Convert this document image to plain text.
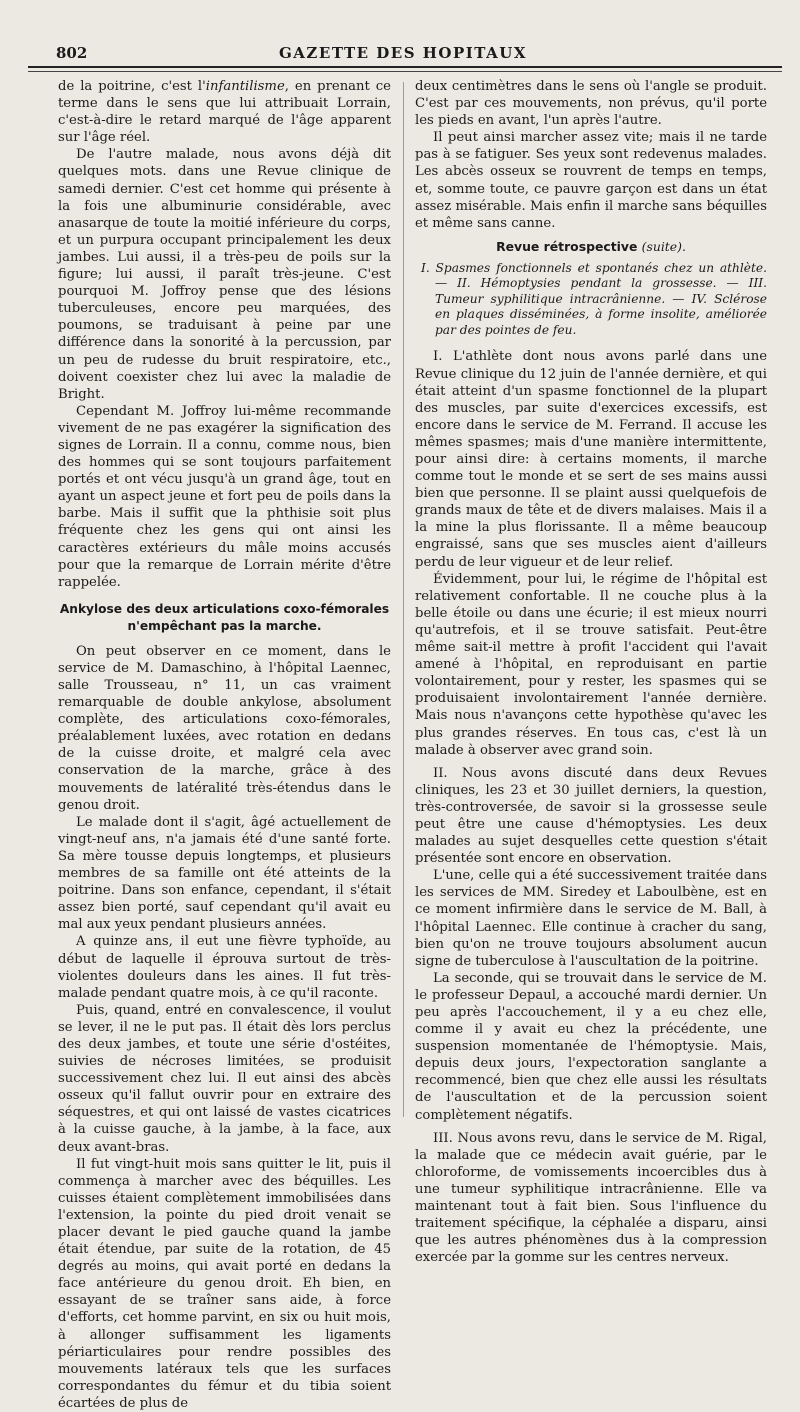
802	GAZETTE DES HOPITAUX

de la poitrine, c'est l'infantilisme, en prenant ce terme dans le sens que lui attribuait Lorrain, c'est-à-dire le retard marqué de l'âge apparent sur l'âge réel.

De l'autre malade, nous avons déjà dit quelques mots. dans une Revue clinique de samedi dernier. C'est cet homme qui présente à la fois une albuminurie considérable, avec anasarque de toute la moitié inférieure du corps, et un purpura occupant principalement les deux jambes. Lui aussi, il a très-peu de poils sur la figure; lui aussi, il paraît très-jeune. C'est pourquoi M. Joffroy pense que des lésions tuberculeuses, encore peu marquées, des poumons, se traduisant à peine par une différence dans la sonorité à la percussion, par un peu de rudesse du bruit respiratoire, etc., doivent coexister chez lui avec la maladie de Bright.

Cependant M. Joffroy lui-même recommande vivement de ne pas exagérer la signification des signes de Lorrain. Il a connu, comme nous, bien des hommes qui se sont toujours parfaitement portés et ont vécu jusqu'à un grand âge, tout en ayant un aspect jeune et fort peu de poils dans la barbe. Mais il suffit que la phthisie soit plus fréquente chez les gens qui ont ainsi les caractères extérieurs du mâle moins accusés pour que la remarque de Lorrain mérite d'être rappelée.

Ankylose des deux articulations coxo-fémorales n'empêchant pas la marche.

On peut observer en ce moment, dans le service de M. Damaschino, à l'hôpital Laennec, salle Trousseau, n° 11, un cas vraiment remarquable de double ankylose, absolument complète, des articulations coxo-fémorales, préalablement luxées, avec rotation en dedans de la cuisse droite, et malgré cela avec conservation de la marche, grâce à des mouvements de latéralité très-étendus dans le genou droit.

Le malade dont il s'agit, âgé actuellement de vingt-neuf ans, n'a jamais été d'une santé forte. Sa mère tousse depuis longtemps, et plusieurs membres de sa famille ont été atteints de la poitrine. Dans son enfance, cependant, il s'était assez bien porté, sauf cependant qu'il avait eu mal aux yeux pendant plusieurs années.

A quinze ans, il eut une fièvre typhoïde, au début de laquelle il éprouva surtout de très-violentes douleurs dans les aines. Il fut très-malade pendant quatre mois, à ce qu'il raconte.

Puis, quand, entré en convalescence, il voulut se lever, il ne le put pas. Il était dès lors perclus des deux jambes, et toute une série d'ostéites, suivies de nécroses limitées, se produisit successivement chez lui. Il eut ainsi des abcès osseux qu'il fallut ouvrir pour en extraire des séquestres, et qui ont laissé de vastes cicatrices à la cuisse gauche, à la jambe, à la face, aux deux avant-bras.

Il fut vingt-huit mois sans quitter le lit, puis il commença à marcher avec des béquilles. Les cuisses étaient complètement immobilisées dans l'extension, la pointe du pied droit venait se placer devant le pied gauche quand la jambe était étendue, par suite de la rotation, de 45 degrés au moins, qui avait porté en dedans la face antérieure du genou droit. Eh bien, en essayant de se traîner sans aide, à force d'efforts, cet homme parvint, en six ou huit mois, à allonger suffisamment les ligaments périarticulaires pour rendre possibles des mouvements latéraux tels que les surfaces correspondantes du fémur et du tibia soient écartées de plus de

deux centimètres dans le sens où l'angle se produit. C'est par ces mouvements, non prévus, qu'il porte les pieds en avant, l'un après l'autre.

Il peut ainsi marcher assez vite; mais il ne tarde pas à se fatiguer. Ses yeux sont redevenus malades. Les abcès osseux se rouvrent de temps en temps, et, somme toute, ce pauvre garçon est dans un état assez misérable. Mais enfin il marche sans béquilles et même sans canne.

Revue rétrospective (suite).

I. Spasmes fonctionnels et spontanés chez un athlète. — II. Hémoptysies pendant la grossesse. — III. Tumeur syphilitique intracrânienne. — IV. Sclérose en plaques disséminées, à forme insolite, améliorée par des pointes de feu.

I. L'athlète dont nous avons parlé dans une Revue clinique du 12 juin de l'année dernière, et qui était atteint d'un spasme fonctionnel de la plupart des muscles, par suite d'exercices excessifs, est encore dans le service de M. Ferrand. Il accuse les mêmes spasmes; mais d'une manière intermittente, pour ainsi dire: à certains moments, il marche comme tout le monde et se sert de ses mains aussi bien que personne. Il se plaint aussi quelquefois de grands maux de tête et de divers malaises. Mais il a la mine la plus florissante. Il a même beaucoup engraissé, sans que ses muscles aient d'ailleurs perdu de leur vigueur et de leur relief.

Évidemment, pour lui, le régime de l'hôpital est relativement confortable. Il ne couche plus à la belle étoile ou dans une écurie; il est mieux nourri qu'autrefois, et il se trouve satisfait. Peut-être même sait-il mettre à profit l'accident qui l'avait amené à l'hôpital, en reproduisant en partie volontairement, pour y rester, les spasmes qui se produisaient involontairement l'année dernière. Mais nous n'avançons cette hypothèse qu'avec les plus grandes réserves. En tous cas, c'est là un malade à observer avec grand soin.

II. Nous avons discuté dans deux Revues cliniques, les 23 et 30 juillet derniers, la question, très-controversée, de savoir si la grossesse seule peut être une cause d'hémoptysies. Les deux malades au sujet desquelles cette question s'était présentée sont encore en observation.

L'une, celle qui a été successivement traitée dans les services de MM. Siredey et Laboulbène, est en ce moment infirmière dans le service de M. Ball, à l'hôpital Laennec. Elle continue à cracher du sang, bien qu'on ne trouve toujours absolument aucun signe de tuberculose à l'auscultation de la poitrine.

La seconde, qui se trouvait dans le service de M. le professeur Depaul, a accouché mardi dernier. Un peu après l'accouchement, il y a eu chez elle, comme il y avait eu chez la précédente, une suspension momentanée de l'hémoptysie. Mais, depuis deux jours, l'expectoration sanglante a recommencé, bien que chez elle aussi les résultats de l'auscultation et de la percussion soient complètement négatifs.

III. Nous avons revu, dans le service de M. Rigal, la malade que ce médecin avait guérie, par le chloroforme, de vomissements incoercibles dus à une tumeur syphilitique intracrânienne. Elle va maintenant tout à fait bien. Sous l'influence du traitement spécifique, la céphalée a disparu, ainsi que les autres phénomènes dus à la compression exercée par la gomme sur les centres nerveux.
